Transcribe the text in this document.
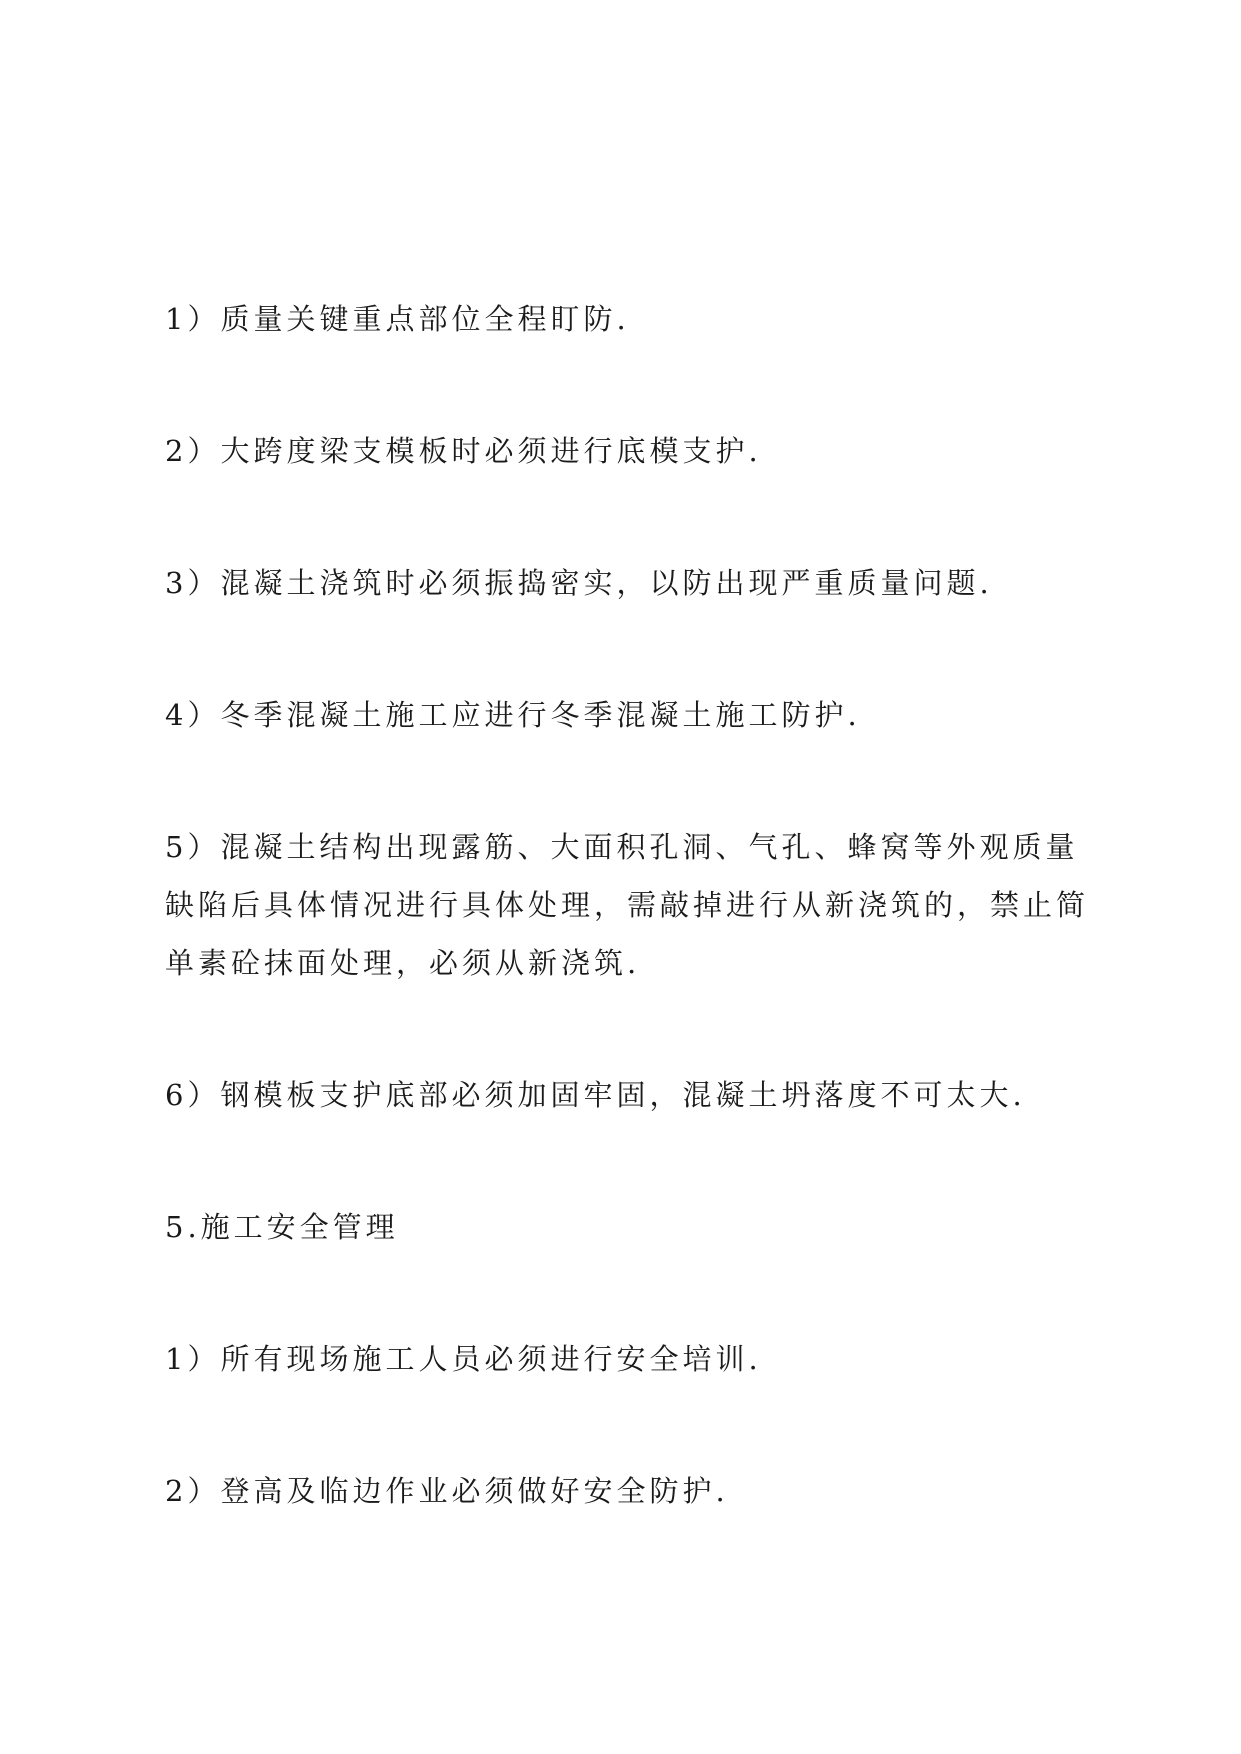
1）质量关键重点部位全程盯防.

2）大跨度梁支模板时必须进行底模支护.

3）混凝土浇筑时必须振捣密实，以防出现严重质量问题.

4）冬季混凝土施工应进行冬季混凝土施工防护.

5）混凝土结构出现露筋、大面积孔洞、气孔、蜂窝等外观质量缺陷后具体情况进行具体处理，需敲掉进行从新浇筑的，禁止简单素砼抹面处理，必须从新浇筑.

6）钢模板支护底部必须加固牢固，混凝土坍落度不可太大.

5.施工安全管理

1）所有现场施工人员必须进行安全培训.

2）登高及临边作业必须做好安全防护.
